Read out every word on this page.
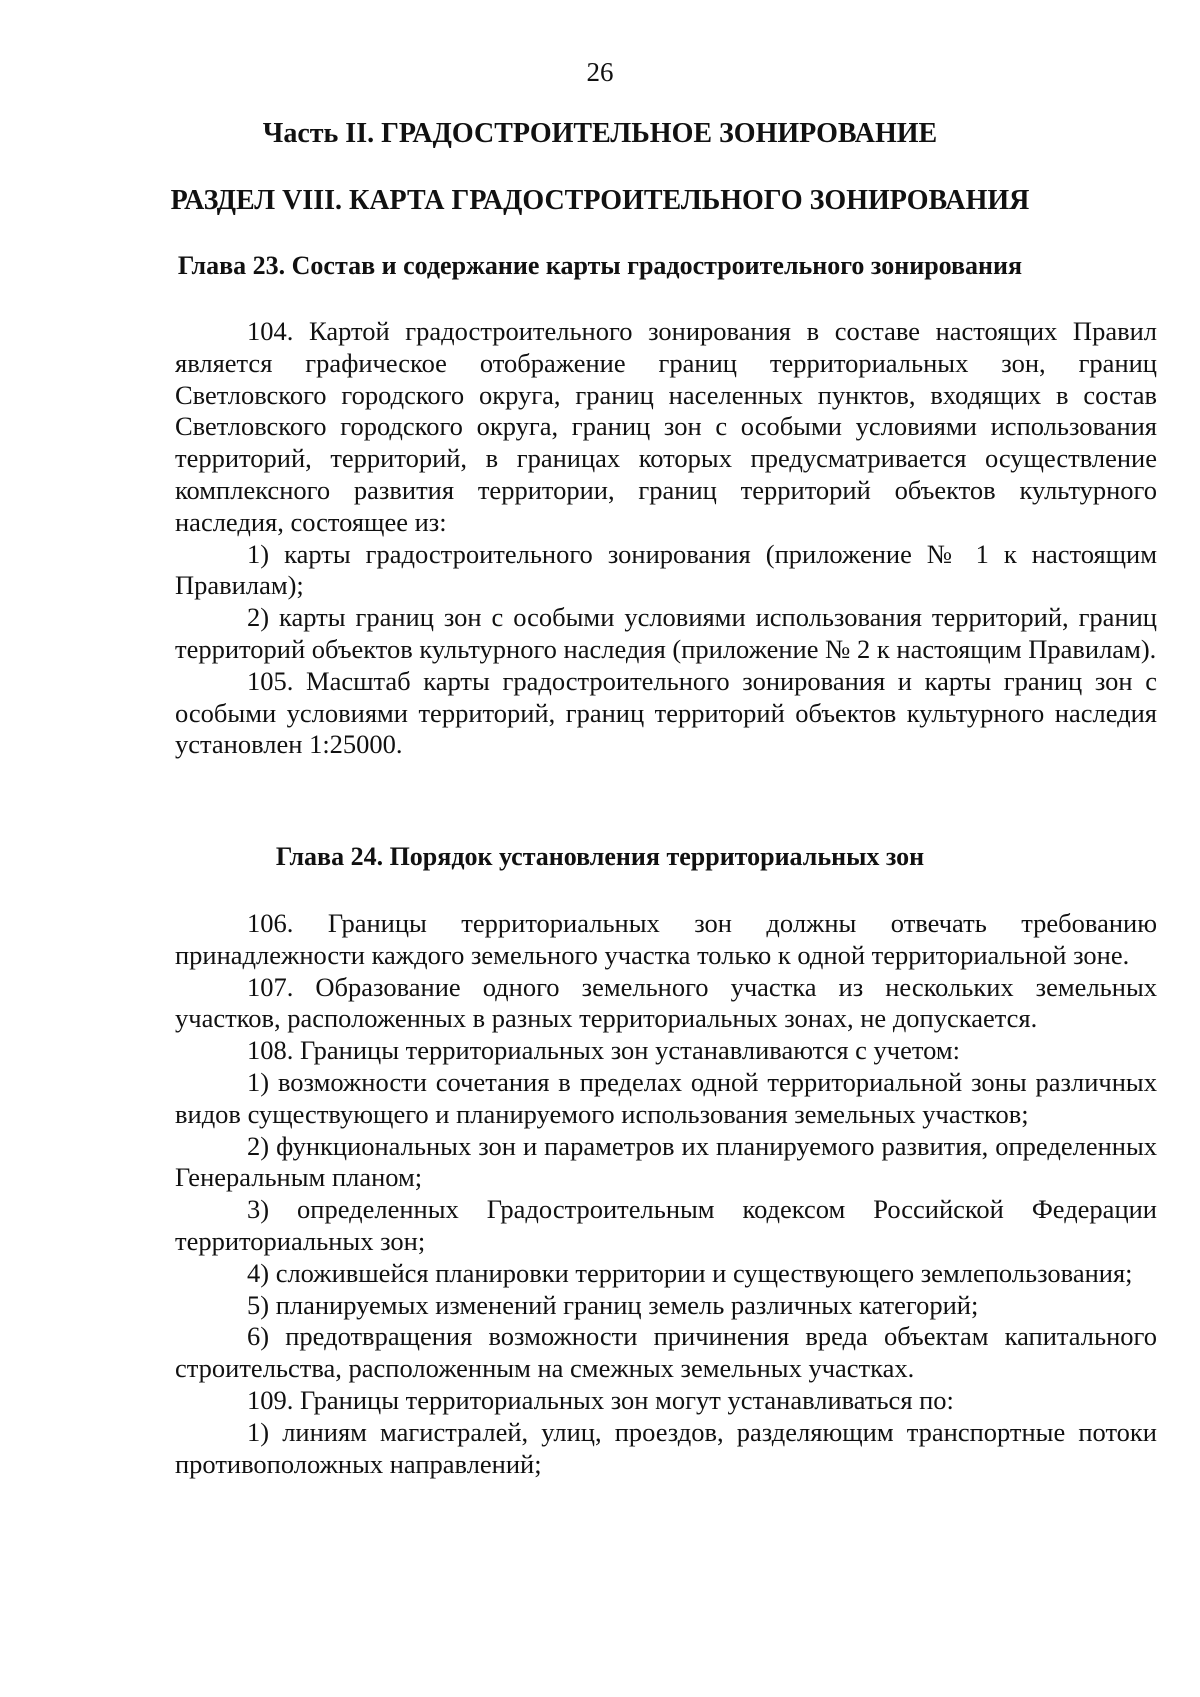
26
Часть II. ГРАДОСТРОИТЕЛЬНОЕ ЗОНИРОВАНИЕ
РАЗДЕЛ VIII. КАРТА ГРАДОСТРОИТЕЛЬНОГО ЗОНИРОВАНИЯ
Глава 23. Состав и содержание карты градостроительного зонирования

104. Картой градостроительного зонирования в составе настоящих Правил является графическое отображение границ территориальных зон, границ Светловского городского округа, границ населенных пунктов, входящих в состав Светловского городского округа, границ зон с особыми условиями использования территорий, территорий, в границах которых предусматривается осуществление комплексного развития территории, границ территорий объектов культурного наследия, состоящее из:

1) карты градостроительного зонирования (приложение № 1 к настоящим Правилам);

2) карты границ зон с особыми условиями использования территорий, границ территорий объектов культурного наследия (приложение № 2 к настоящим Правилам).

105. Масштаб карты градостроительного зонирования и карты границ зон с особыми условиями территорий, границ территорий объектов культурного наследия установлен 1:25000.

Глава 24. Порядок установления территориальных зон

106. Границы территориальных зон должны отвечать требованию принадлежности каждого земельного участка только к одной территориальной зоне.

107. Образование одного земельного участка из нескольких земельных участков, расположенных в разных территориальных зонах, не допускается.

108. Границы территориальных зон устанавливаются с учетом:

1) возможности сочетания в пределах одной территориальной зоны различных видов существующего и планируемого использования земельных участков;

2) функциональных зон и параметров их планируемого развития, определенных Генеральным планом;

3) определенных Градостроительным кодексом Российской Федерации территориальных зон;

4) сложившейся планировки территории и существующего землепользования;

5) планируемых изменений границ земель различных категорий;

6) предотвращения возможности причинения вреда объектам капитального строительства, расположенным на смежных земельных участках.

109. Границы территориальных зон могут устанавливаться по:

1) линиям магистралей, улиц, проездов, разделяющим транспортные потоки противоположных направлений;
